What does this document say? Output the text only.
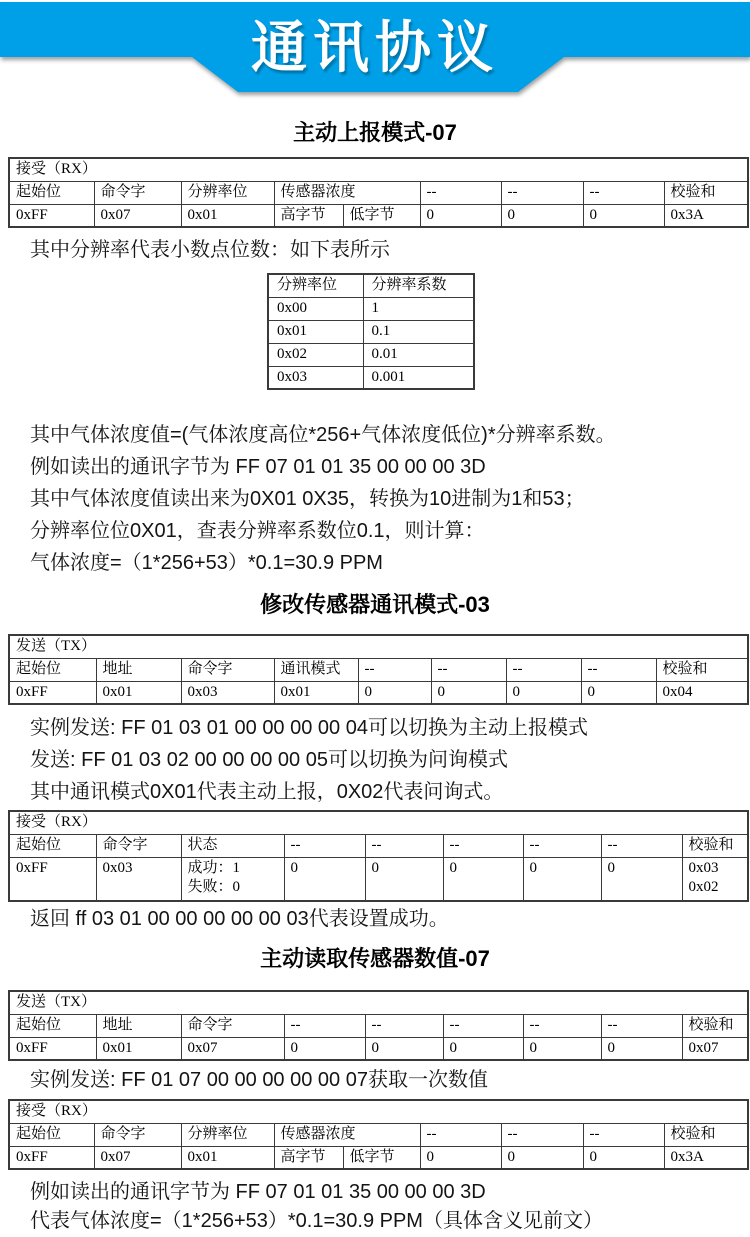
通讯协议
主动上报模式-07
接受（RX）								
起始位	命令字	分辨率位	传感器浓度		--	--	--	校验和
0xFF	0x07	0x01	高字节	低字节	0	0	0	0x3A

其中分辨率代表小数点位数：如下表所示

分辨率位	分辨率系数
0x00	1
0x01	0.1
0x02	0.01
0x03	0.001

其中气体浓度值=(气体浓度高位*256+气体浓度低位)*分辨率系数。

例如读出的通讯字节为 FF 07 01 01 35 00 00 00 3D

其中气体浓度值读出来为0X01 0X35，转换为10进制为1和53；

分辨率位位0X01，查表分辨率系数位0.1，则计算：

气体浓度=（1*256+53）*0.1=30.9 PPM

修改传感器通讯模式-03
发送（TX）								
起始位	地址	命令字	通讯模式	--	--	--	--	校验和
0xFF	0x01	0x03	0x01	0	0	0	0	0x04

实例发送: FF 01 03 01 00 00 00 00 04可以切换为主动上报模式

发送: FF 01 03 02 00 00 00 00 05可以切换为问询模式

其中通讯模式0X01代表主动上报，0X02代表问询式。

接受（RX）								
起始位	命令字	状态	--	--	--	--	--	校验和
0xFF	0x03	成功：1
失败：0
	0	0	0	0	0	0x03
0x02

返回 ff 03 01 00 00 00 00 00 03代表设置成功。

主动读取传感器数值-07
发送（TX）								
起始位	地址	命令字	--	--	--	--	--	校验和
0xFF	0x01	0x07	0	0	0	0	0	0x07

实例发送: FF 01 07 00 00 00 00 00 07获取一次数值

接受（RX）								
起始位	命令字	分辨率位	传感器浓度		--	--	--	校验和
0xFF	0x07	0x01	高字节	低字节	0	0	0	0x3A

例如读出的通讯字节为 FF 07 01 01 35 00 00 00 3D

代表气体浓度=（1*256+53）*0.1=30.9 PPM（具体含义见前文）
